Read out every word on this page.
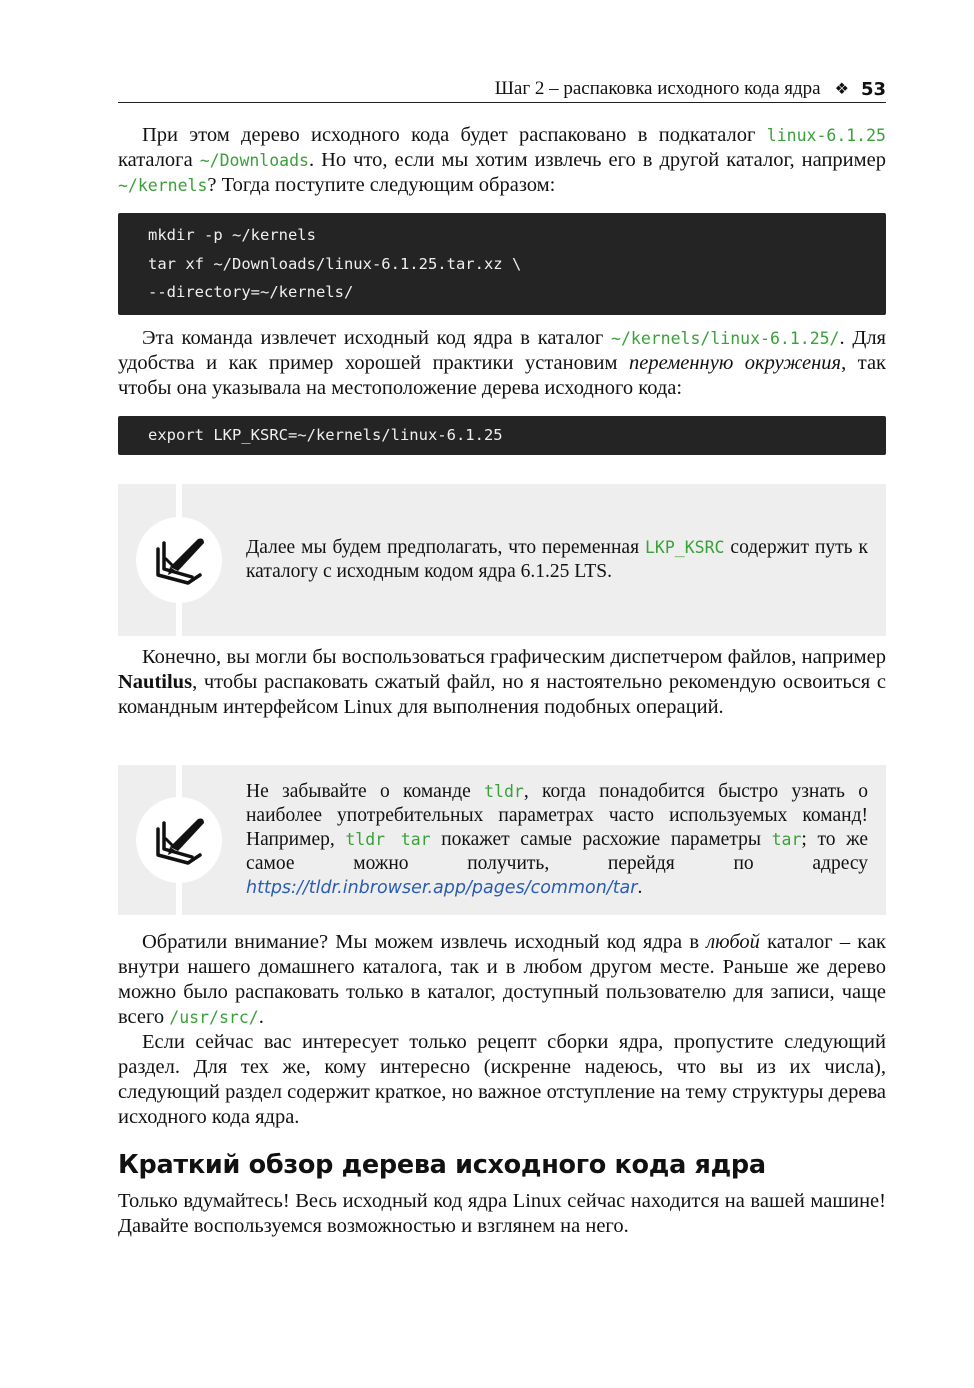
Шаг 2 – распаковка исходного кода ядра ❖ 53

При этом дерево исходного кода будет распаковано в подкаталог linux-6.1.25 каталога ~/Downloads. Но что, если мы хотим извлечь его в другой каталог, например ~/kernels? Тогда поступите следующим образом:

mkdir -p ~/kernels
tar xf ~/Downloads/linux-6.1.25.tar.xz \
--directory=~/kernels/

Эта команда извлечет исходный код ядра в каталог ~/kernels/linux-6.1.25/. Для удобства и как пример хорошей практики установим переменную окружения, так чтобы она указывала на местоположение дерева исходного кода:

export LKP_KSRC=~/kernels/linux-6.1.25
Далее мы будем предполагать, что переменная LKP_KSRC содержит путь к каталогу с исходным кодом ядра 6.1.25 LTS.

Конечно, вы могли бы воспользоваться графическим диспетчером файлов, например Nautilus, чтобы распаковать сжатый файл, но я настоятельно рекомендую освоиться с командным интерфейсом Linux для выполнения подобных операций.

Не забывайте о команде tldr, когда понадобится быстро узнать о наиболее употребительных параметрах часто используемых команд! Например, tldr tar покажет самые расхожие параметры tar; то же самое можно получить, перейдя по адресу https://tldr.inbrowser.app/pages/common/tar.

Обратили внимание? Мы можем извлечь исходный код ядра в любой каталог – как внутри нашего домашнего каталога, так и в любом другом месте. Раньше же дерево можно было распаковать только в каталог, доступный пользователю для записи, чаще всего /usr/src/.

Если сейчас вас интересует только рецепт сборки ядра, пропустите следующий раздел. Для тех же, кому интересно (искренне надеюсь, что вы из их числа), следующий раздел содержит краткое, но важное отступление на тему структуры дерева исходного кода ядра.

Краткий обзор дерева исходного кода ядра

Только вдумайтесь! Весь исходный код ядра Linux сейчас находится на вашей машине! Давайте воспользуемся возможностью и взглянем на него.
